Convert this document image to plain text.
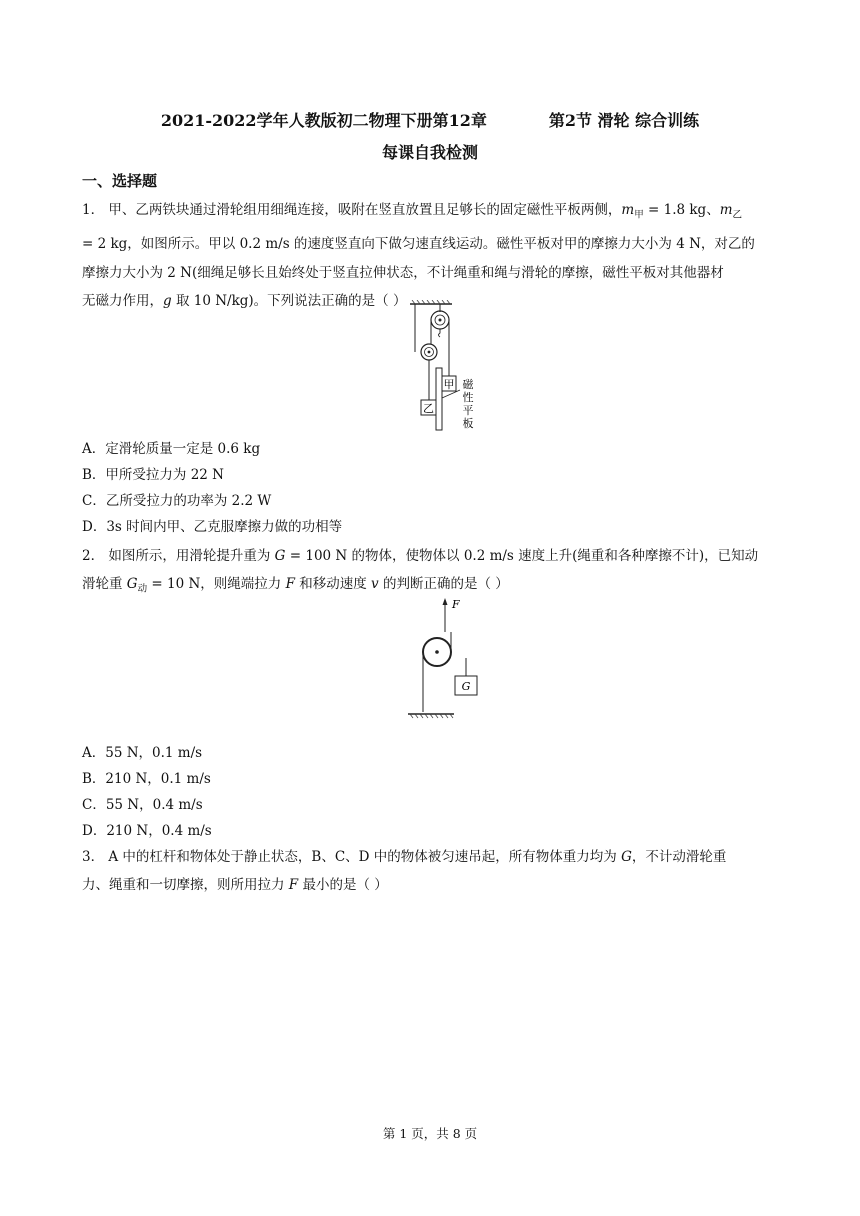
2021-2022学年人教版初二物理下册第12章	第2节 滑轮 综合训练
每课自我检测
一、选择题
1． 甲、乙两铁块通过滑轮组用细绳连接，吸附在竖直放置且足够长的固定磁性平板两侧，$m_甲 = 1.8$ kg、$m_乙$
= 2 kg，如图所示。甲以 0.2 m/s 的速度竖直向下做匀速直线运动。磁性平板对甲的摩擦力大小为 4 N，对乙的
摩擦力大小为 2 N(细绳足够长且始终处于竖直拉伸状态，不计绳重和绳与滑轮的摩擦，磁性平板对其他器材
无磁力作用，g 取 10 N/kg)。下列说法正确的是（ ）
甲
乙
磁
性
平
板
A．定滑轮质量一定是 0.6 kg
B．甲所受拉力为 22 N
C．乙所受拉力的功率为 2.2 W
D．3s 时间内甲、乙克服摩擦力做的功相等
2． 如图所示，用滑轮提升重为 G = 100 N 的物体，使物体以 0.2 m/s 速度上升(绳重和各种摩擦不计)，已知动
滑轮重 $G_动 = 10$ N，则绳端拉力 F 和移动速度 v 的判断正确的是（ ）
F
G
A．55 N，0.1 m/s
B．210 N，0.1 m/s
C．55 N，0.4 m/s
D．210 N，0.4 m/s
3． A 中的杠杆和物体处于静止状态，B、C、D 中的物体被匀速吊起，所有物体重力均为 G，不计动滑轮重
力、绳重和一切摩擦，则所用拉力 F 最小的是（ ）
第 1 页，共 8 页
